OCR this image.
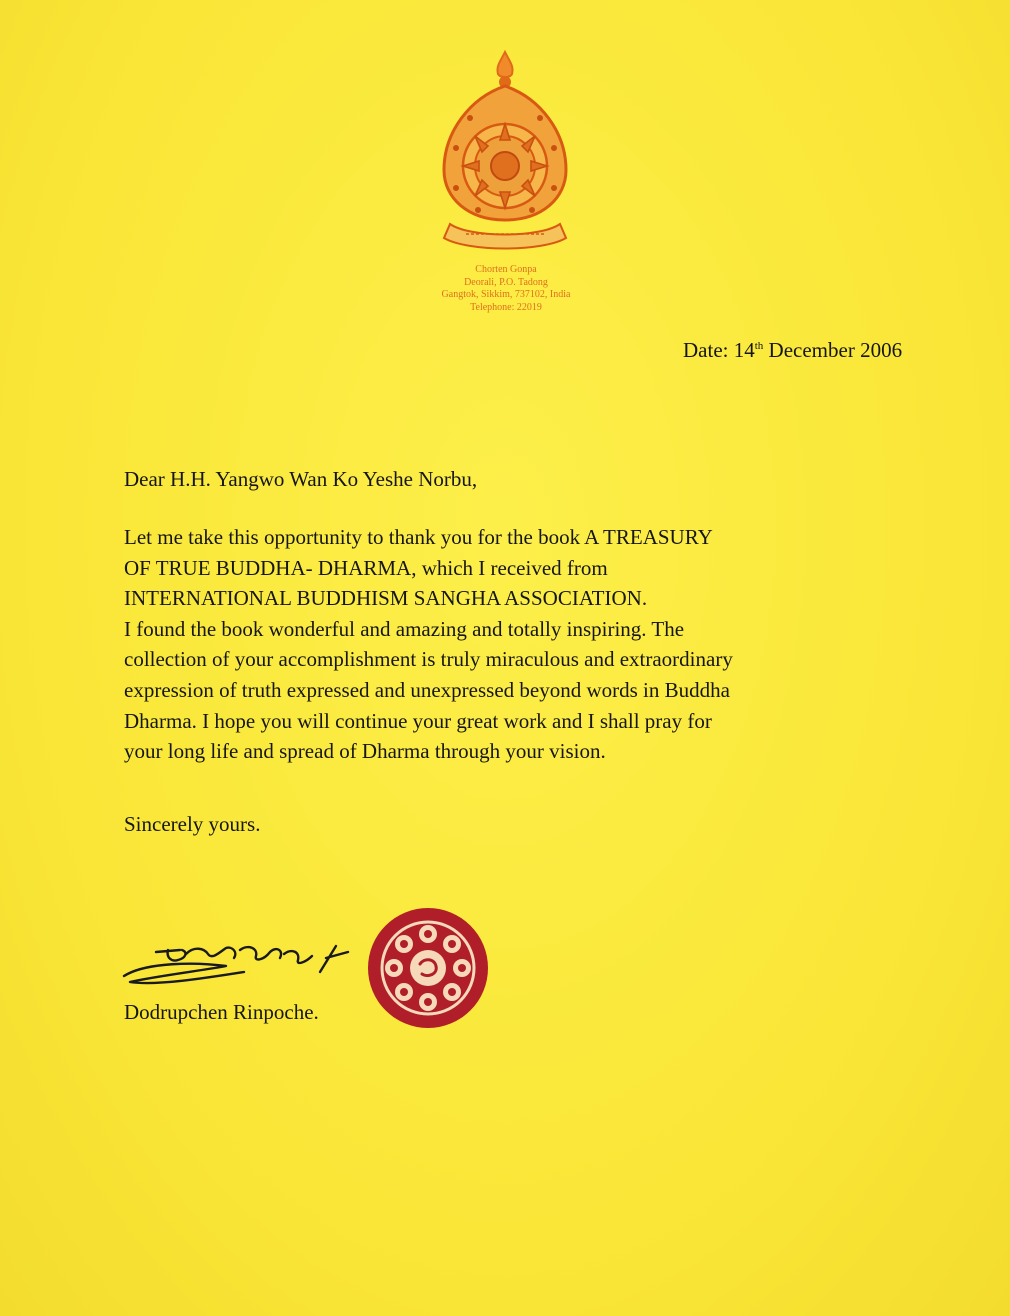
Chorten Gonpa
Deorali, P.O. Tadong
Gangtok, Sikkim, 737102, India
Telephone: 22019
Date: 14th December 2006
Dear H.H. Yangwo Wan Ko Yeshe Norbu,
Let me take this opportunity to thank you for the book A TREASURY
OF TRUE BUDDHA- DHARMA, which I received from
INTERNATIONAL BUDDHISM SANGHA ASSOCIATION.
I found the book wonderful and amazing and totally inspiring. The
collection of your accomplishment is truly miraculous and extraordinary
expression of truth expressed and unexpressed beyond words in Buddha
Dharma. I hope you will continue your great work and I shall pray for
your long life and spread of Dharma through your vision.
Sincerely yours.
Dodrupchen Rinpoche.
